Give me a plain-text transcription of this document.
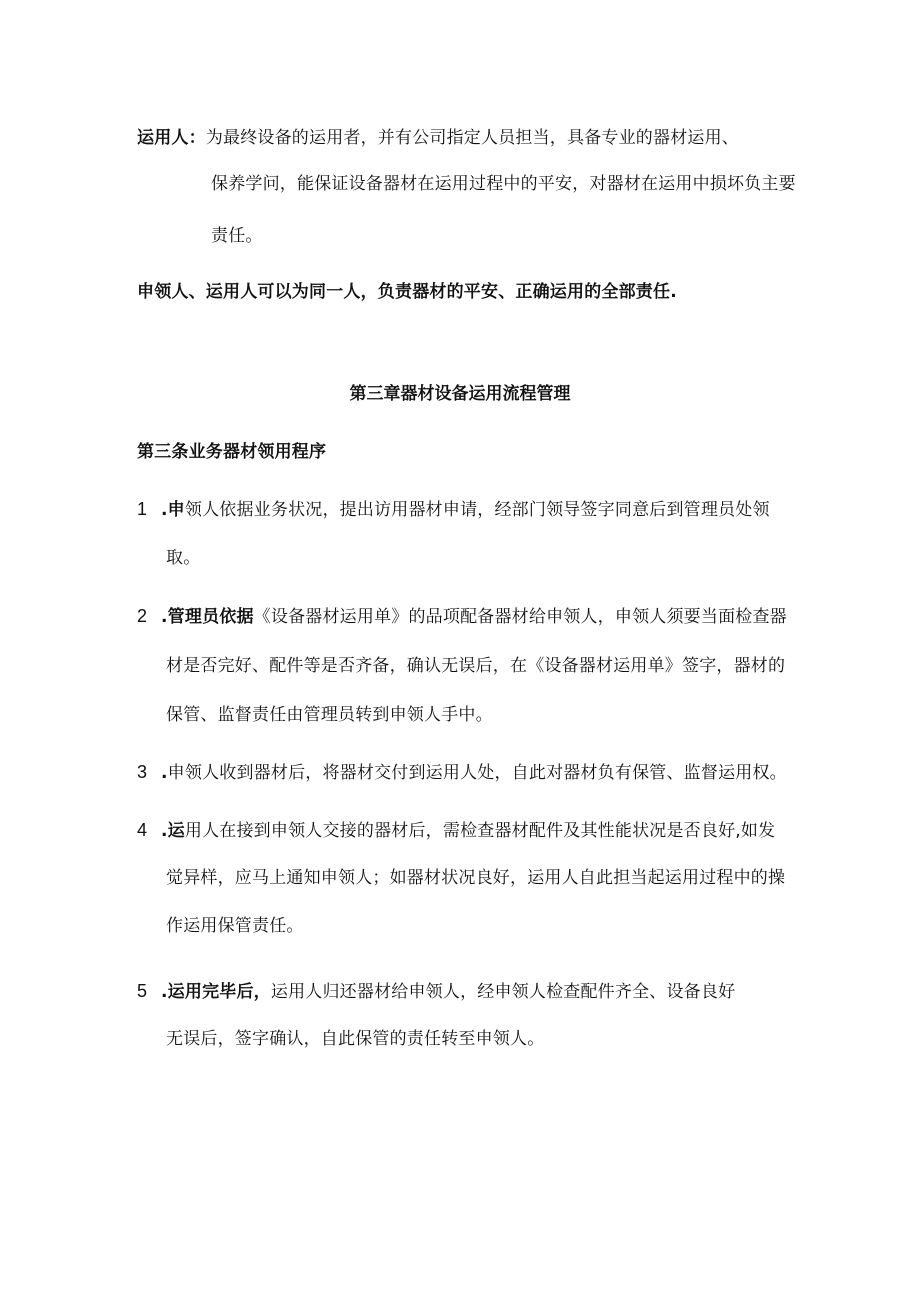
运用人：为最终设备的运用者，并有公司指定人员担当，具备专业的器材运用、
保养学问，能保证设备器材在运用过程中的平安，对器材在运用中损坏负主要
责任。
申领人、运用人可以为同一人，负责器材的平安、正确运用的全部责任.
第三章器材设备运用流程管理
第三条业务器材领用程序
1 .申领人依据业务状况，提出访用器材申请，经部门领导签字同意后到管理员处领
取。
2 .管理员依据《设备器材运用单》的品项配备器材给申领人，申领人须要当面检查器
材是否完好、配件等是否齐备，确认无误后，在《设备器材运用单》签字，器材的
保管、监督责任由管理员转到申领人手中。
3 .申领人收到器材后，将器材交付到运用人处，自此对器材负有保管、监督运用权。
4 .运用人在接到申领人交接的器材后，需检查器材配件及其性能状况是否良好,如发
觉异样，应马上通知申领人；如器材状况良好，运用人自此担当起运用过程中的操
作运用保管责任。
5 .运用完毕后，运用人归还器材给申领人，经申领人检查配件齐全、设备良好
无误后，签字确认，自此保管的责任转至申领人。
